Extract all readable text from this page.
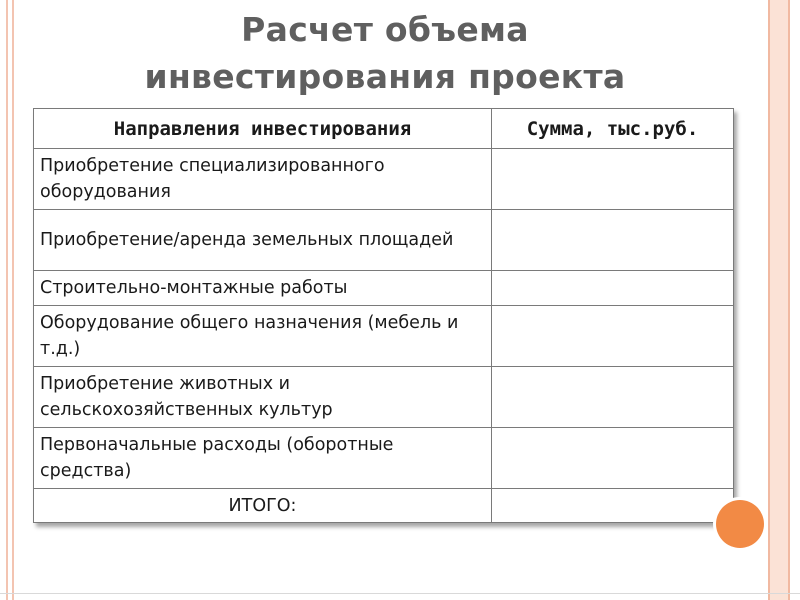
Расчет объема
инвестирования проекта
Направления инвестирования	Сумма, тыс.руб.
Приобретение специализированного оборудования	
Приобретение/аренда земельных площадей	
Строительно-монтажные работы	
Оборудование общего назначения (мебель и т.д.)	
Приобретение животных и сельскохозяйственных культур	
Первоначальные расходы (оборотные средства)	
ИТОГО:	
